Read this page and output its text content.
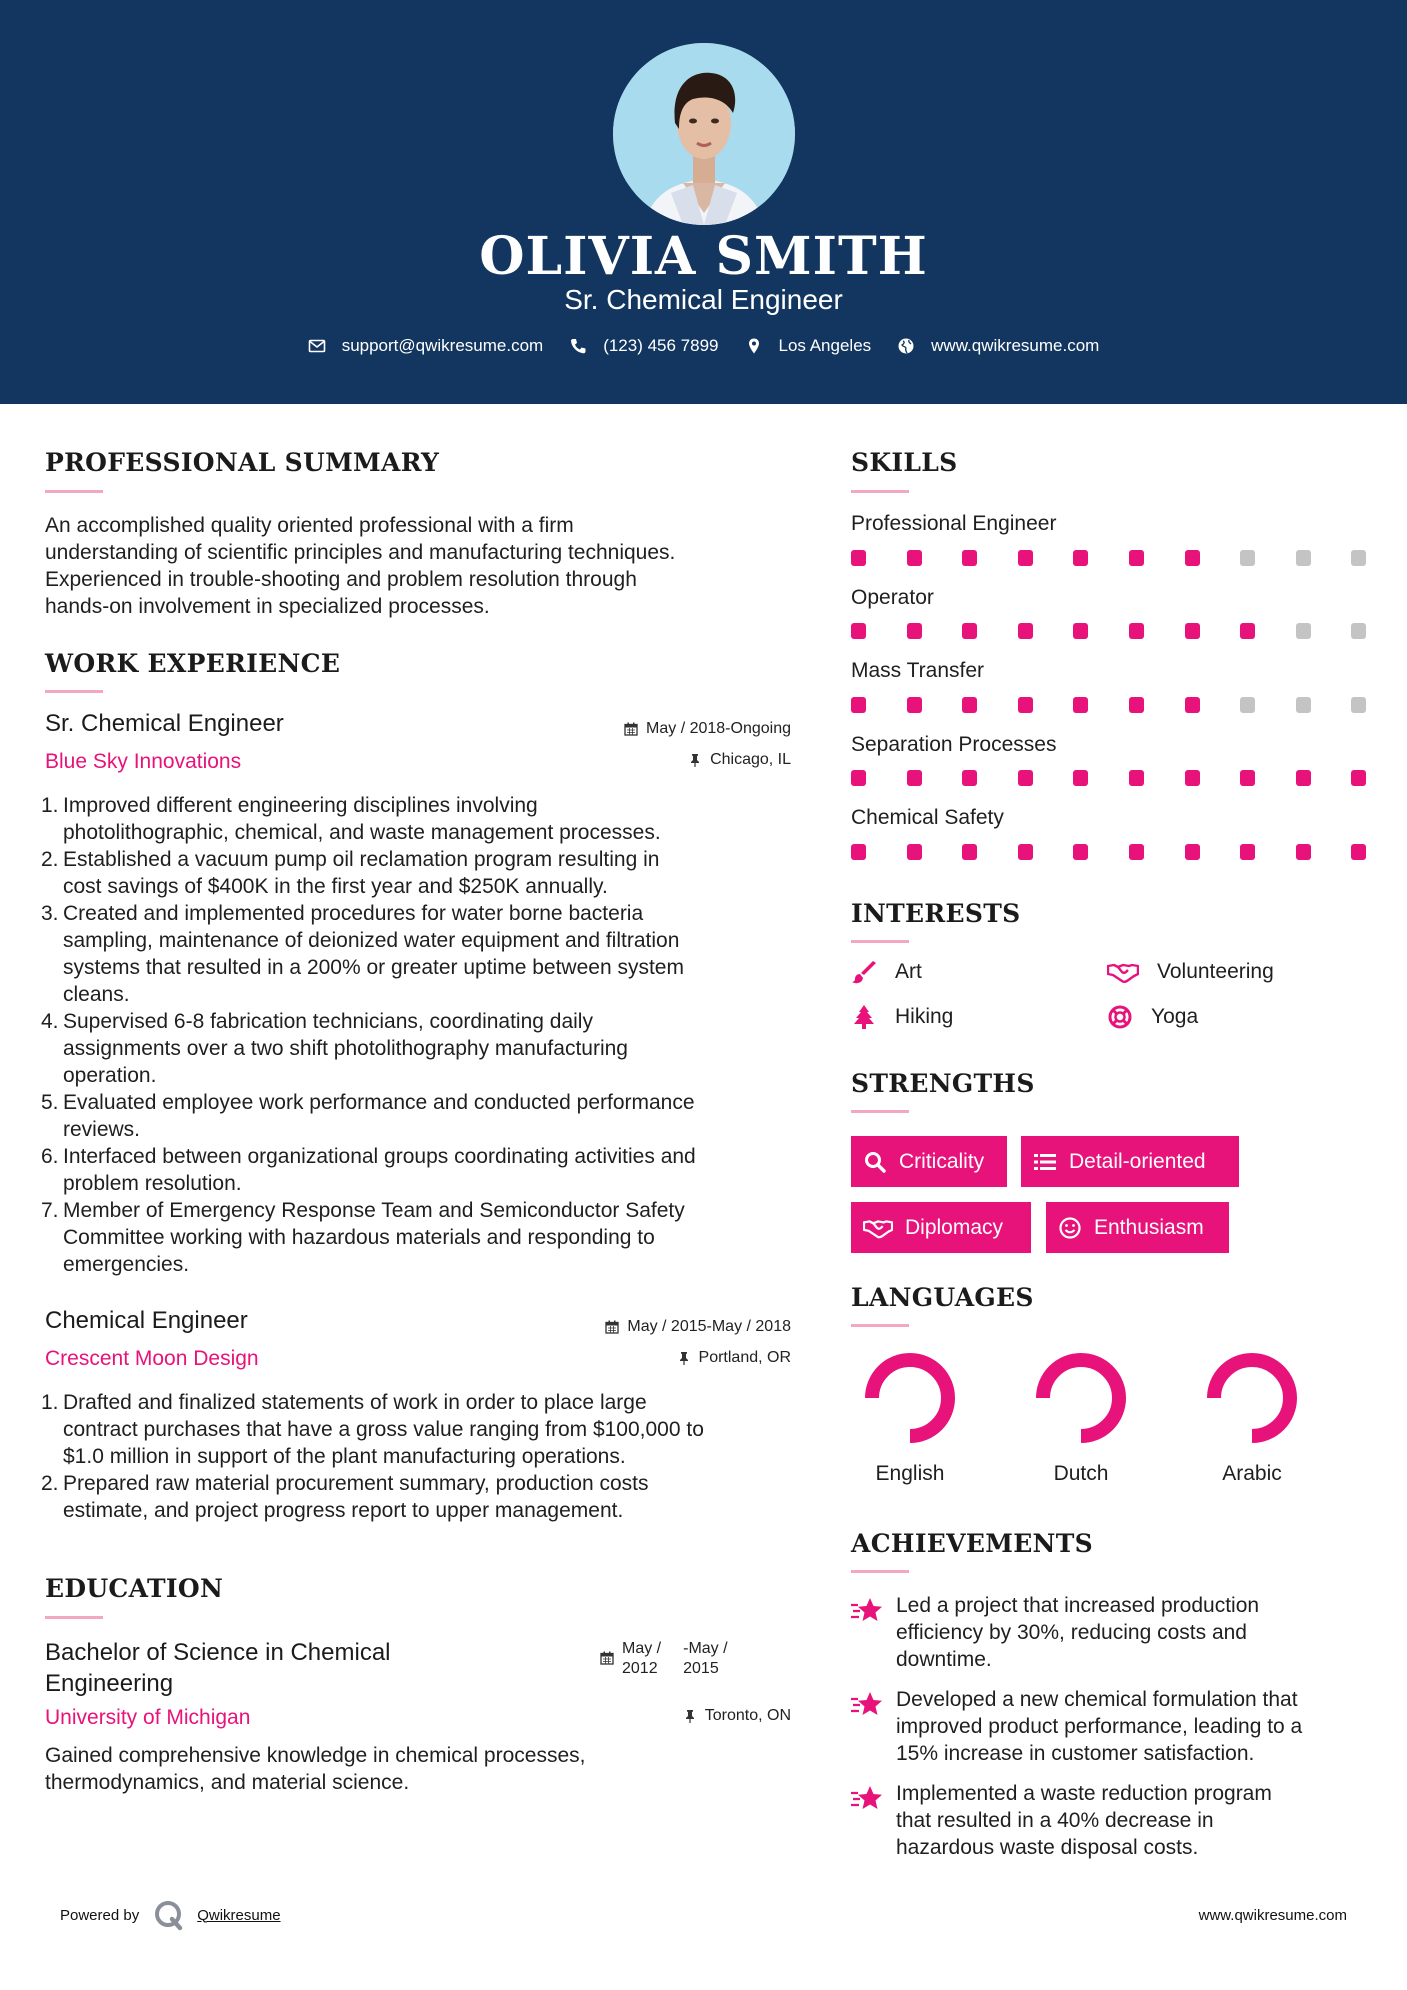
OLIVIA SMITH
Sr. Chemical Engineer
support@qwikresume.com	(123) 456 7899	Los Angeles	www.qwikresume.com
PROFESSIONAL SUMMARY
An accomplished quality oriented professional with a firm
understanding of scientific principles and manufacturing techniques.
Experienced in trouble-shooting and problem resolution through
hands-on involvement in specialized processes.
WORK EXPERIENCE
Sr. Chemical Engineer
Blue Sky Innovations
May / 2018-Ongoing
Chicago, IL
1. Improved different engineering disciplines involving
photolithographic, chemical, and waste management processes.
2. Established a vacuum pump oil reclamation program resulting in
cost savings of $400K in the first year and $250K annually.
3. Created and implemented procedures for water borne bacteria
sampling, maintenance of deionized water equipment and filtration
systems that resulted in a 200% or greater uptime between system
cleans.
4. Supervised 6-8 fabrication technicians, coordinating daily
assignments over a two shift photolithography manufacturing
operation.
5. Evaluated employee work performance and conducted performance
reviews.
6. Interfaced between organizational groups coordinating activities and
problem resolution.
7. Member of Emergency Response Team and Semiconductor Safety
Committee working with hazardous materials and responding to
emergencies.
Chemical Engineer
Crescent Moon Design
May / 2015-May / 2018
Portland, OR
1. Drafted and finalized statements of work in order to place large
contract purchases that have a gross value ranging from $100,000 to
$1.0 million in support of the plant manufacturing operations.
2. Prepared raw material procurement summary, production costs
estimate, and project progress report to upper management.
EDUCATION
Bachelor of Science in Chemical
Engineering
May /
2012
-May /
2015
University of Michigan	Toronto, ON
Gained comprehensive knowledge in chemical processes,
thermodynamics, and material science.
SKILLS
Professional Engineer
Operator
Mass Transfer
Separation Processes
Chemical Safety
INTERESTS
Art	Volunteering
Hiking	Yoga
STRENGTHS
Criticality	Detail-oriented
Diplomacy	Enthusiasm
LANGUAGES
English	Dutch	Arabic
ACHIEVEMENTS
Led a project that increased production
efficiency by 30%, reducing costs and
downtime.
Developed a new chemical formulation that
improved product performance, leading to a
15% increase in customer satisfaction.
Implemented a waste reduction program
that resulted in a 40% decrease in
hazardous waste disposal costs.
Powered by	Qwikresume	www.qwikresume.com
